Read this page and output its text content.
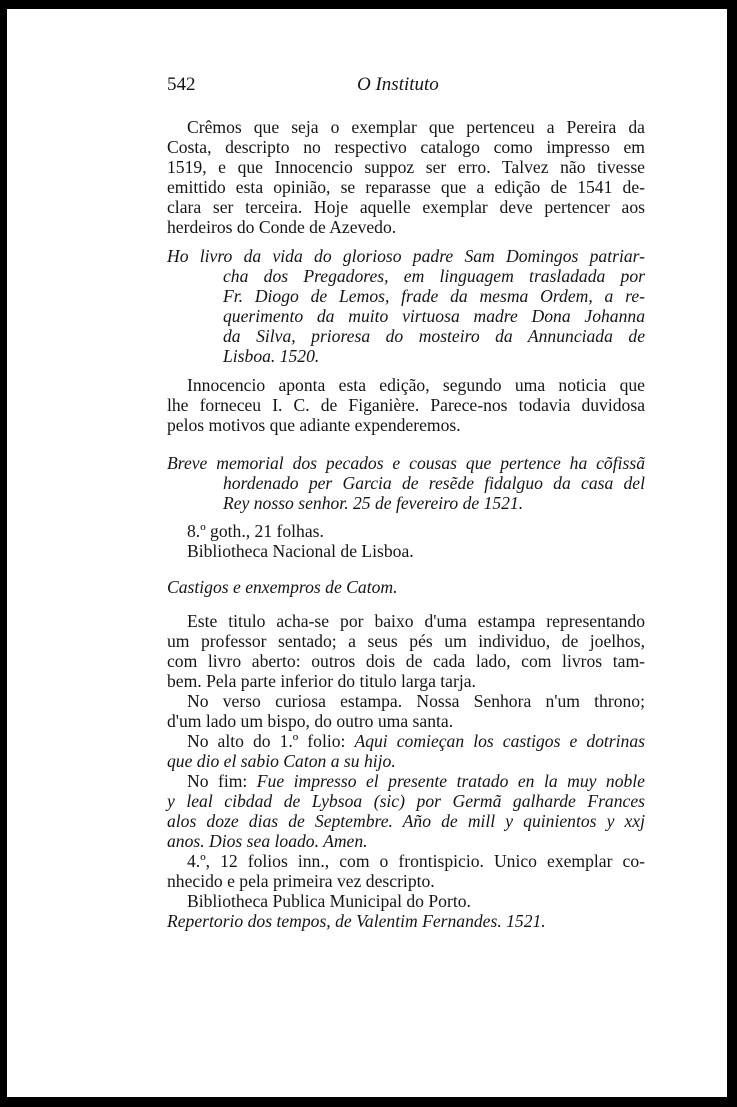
542	O Instituto
Crêmos que seja o exemplar que pertenceu a Pereira da
Costa, descripto no respectivo catalogo como impresso em
1519, e que Innocencio suppoz ser erro. Talvez não tivesse
emittido esta opinião, se reparasse que a edição de 1541 de-
clara ser terceira. Hoje aquelle exemplar deve pertencer aos
herdeiros do Conde de Azevedo.
Ho livro da vida do glorioso padre Sam Domingos patriar-
cha dos Pregadores, em linguagem trasladada por
Fr. Diogo de Lemos, frade da mesma Ordem, a re-
querimento da muito virtuosa madre Dona Johanna
da Silva, prioresa do mosteiro da Annunciada de
Lisboa. 1520.
Innocencio aponta esta edição, segundo uma noticia que
lhe forneceu I. C. de Figanière. Parece-nos todavia duvidosa
pelos motivos que adiante expenderemos.
Breve memorial dos pecados e cousas que pertence ha cõfissã
hordenado per Garcia de resẽde fidalguo da casa del
Rey nosso senhor. 25 de fevereiro de 1521.
8.º goth., 21 folhas.
Bibliotheca Nacional de Lisboa.
Castigos e enxempros de Catom.
Este titulo acha-se por baixo d'uma estampa representando
um professor sentado; a seus pés um individuo, de joelhos,
com livro aberto: outros dois de cada lado, com livros tam-
bem. Pela parte inferior do titulo larga tarja.
No verso curiosa estampa. Nossa Senhora n'um throno;
d'um lado um bispo, do outro uma santa.
No alto do 1.º folio: Aqui comieçan los castigos e dotrinas
que dio el sabio Caton a su hijo.
No fim: Fue impresso el presente tratado en la muy noble
y leal cibdad de Lybsoa (sic) por Germã galharde Frances
alos doze dias de Septembre. Año de mill y quinientos y xxj
anos. Dios sea loado. Amen.
4.º, 12 folios inn., com o frontispicio. Unico exemplar co-
nhecido e pela primeira vez descripto.
Bibliotheca Publica Municipal do Porto.
Repertorio dos tempos, de Valentim Fernandes. 1521.
